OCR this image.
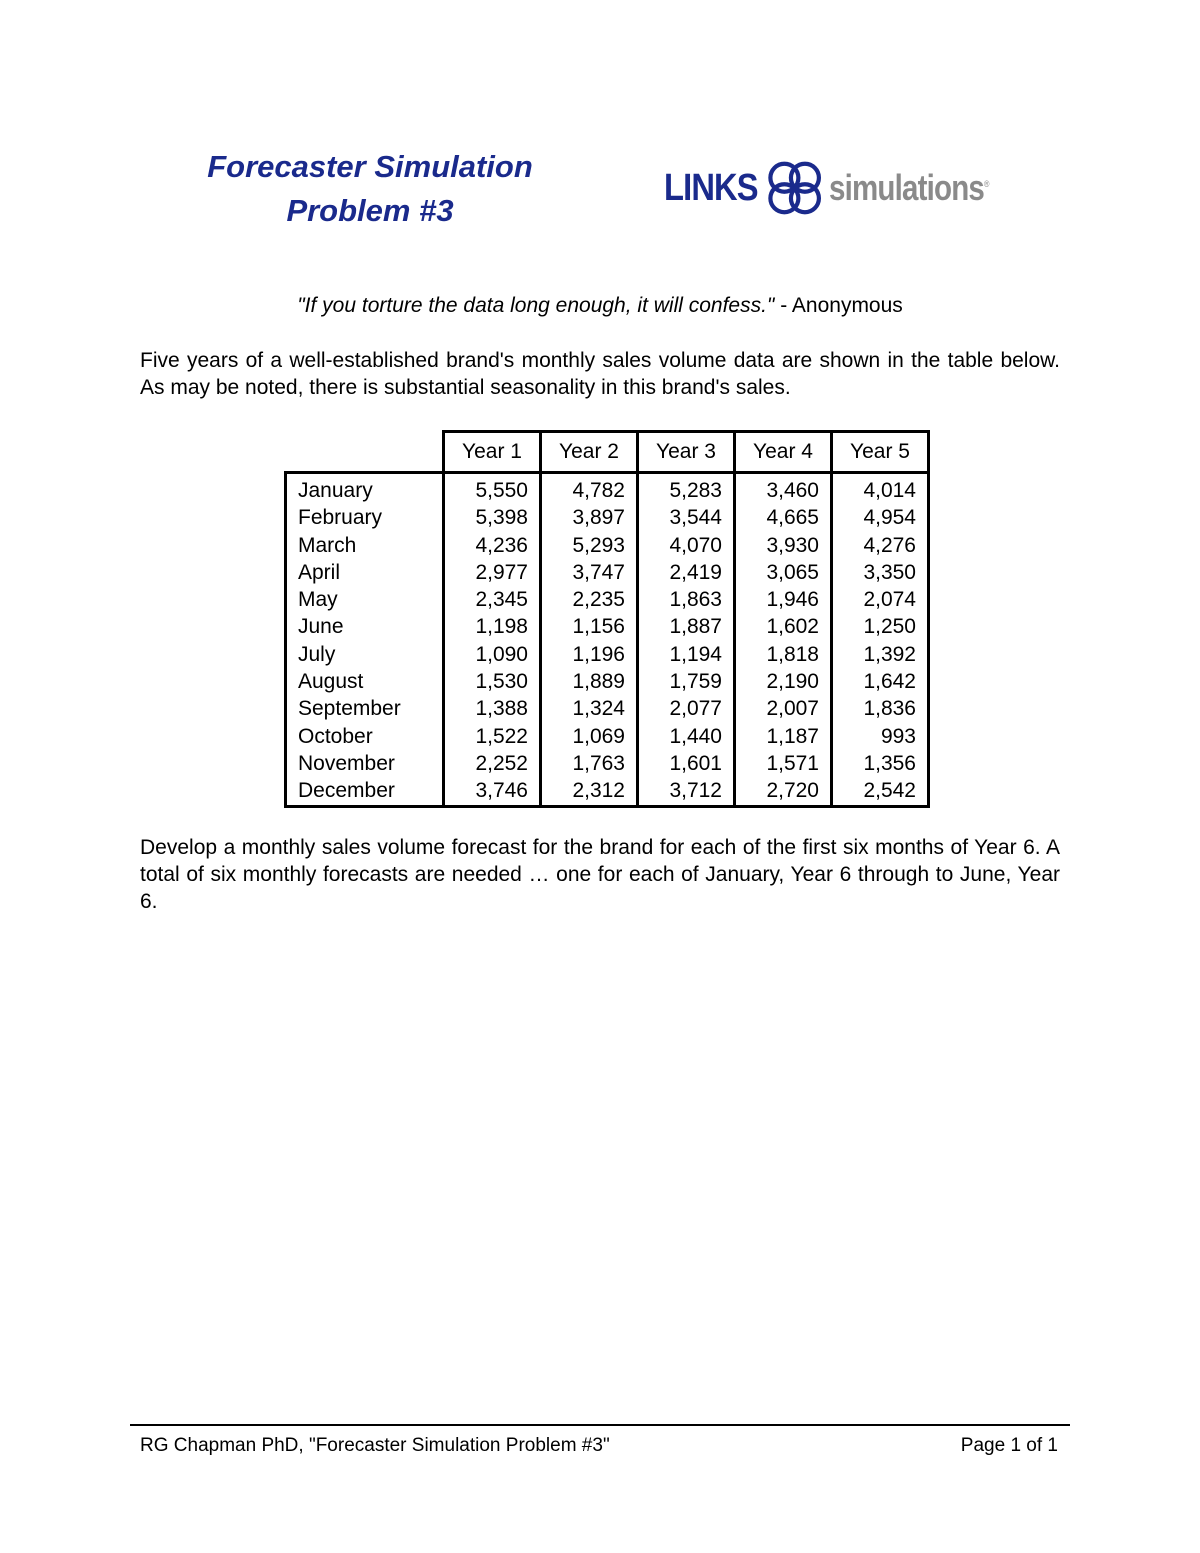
Forecaster Simulation
Problem #3
LINKS simulations®
"If you torture the data long enough, it will confess." - Anonymous
Five years of a well-established brand's monthly sales volume data are shown in the table below. As may be noted, there is substantial seasonality in this brand's sales.
	Year 1	Year 2	Year 3	Year 4	Year 5
January	5,550	4,782	5,283	3,460	4,014
February	5,398	3,897	3,544	4,665	4,954
March	4,236	5,293	4,070	3,930	4,276
April	2,977	3,747	2,419	3,065	3,350
May	2,345	2,235	1,863	1,946	2,074
June	1,198	1,156	1,887	1,602	1,250
July	1,090	1,196	1,194	1,818	1,392
August	1,530	1,889	1,759	2,190	1,642
September	1,388	1,324	2,077	2,007	1,836
October	1,522	1,069	1,440	1,187	993
November	2,252	1,763	1,601	1,571	1,356
December	3,746	2,312	3,712	2,720	2,542
Develop a monthly sales volume forecast for the brand for each of the first six months of Year 6. A total of six monthly forecasts are needed … one for each of January, Year 6 through to June, Year 6.
RG Chapman PhD, "Forecaster Simulation Problem #3"	Page 1 of 1
